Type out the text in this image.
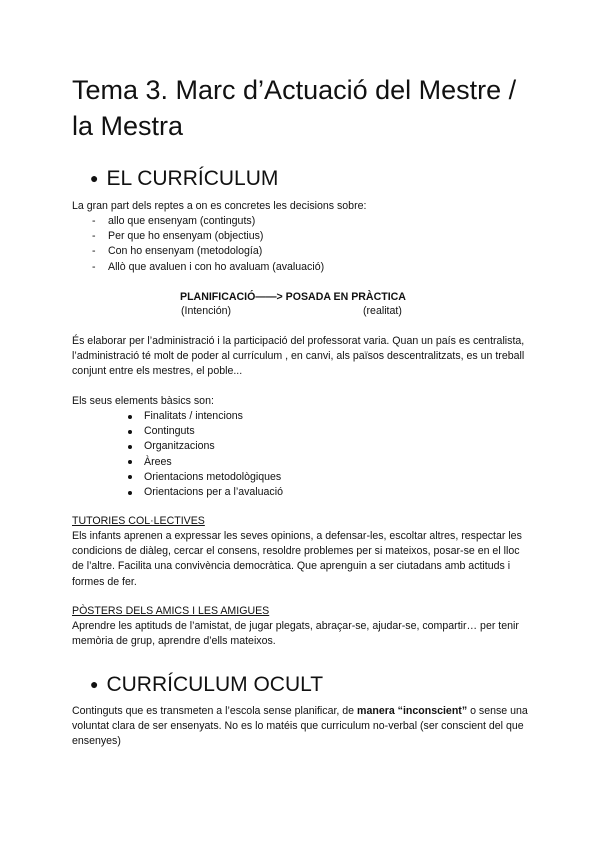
Tema 3. Marc d’Actuació del Mestre / la Mestra
● EL CURRÍCULUM
La gran part dels reptes a on es concretes les decisions sobre:
-	allo que ensenyam (continguts)
-	Per que ho ensenyam (objectius)
-	Con ho ensenyam (metodología)
-	Allò que avaluen i con ho avaluam (avaluació)
PLANIFICACIÓ——> POSADA EN PRÀCTICA
(Intención)	(realitat)

És elaborar per l’administració i la participació del professorat varia. Quan un país es centralista, l’administració té molt de poder al currículum , en canvi, als països descentralitzats, es un treball conjunt entre els mestres, el poble...

Els seus elements bàsics son:
Finalitats / intencions
Continguts
Organitzacions
Àrees
Orientacions metodològiques
Orientacions per a l’avaluació
TUTORIES COL·LECTIVES

Els infants aprenen a expressar les seves opinions, a defensar-les, escoltar altres, respectar les condicions de diàleg, cercar el consens, resoldre problemes per si mateixos, posar-se en el lloc de l’altre. Facilita una convivència democràtica. Que aprenguin a ser ciutadans amb actituds i formes de fer.

PÒSTERS DELS AMICS I LES AMIGUES

Aprendre les aptituds de l’amistat, de jugar plegats, abraçar-se, ajudar-se, compartir… per tenir memòria de grup, aprendre d’ells mateixos.

● CURRÍCULUM OCULT

Continguts que es transmeten a l’escola sense planificar, de manera “inconscient” o sense una voluntat clara de ser ensenyats. No es lo matéis que curriculum no-verbal (ser conscient del que ensenyes)
